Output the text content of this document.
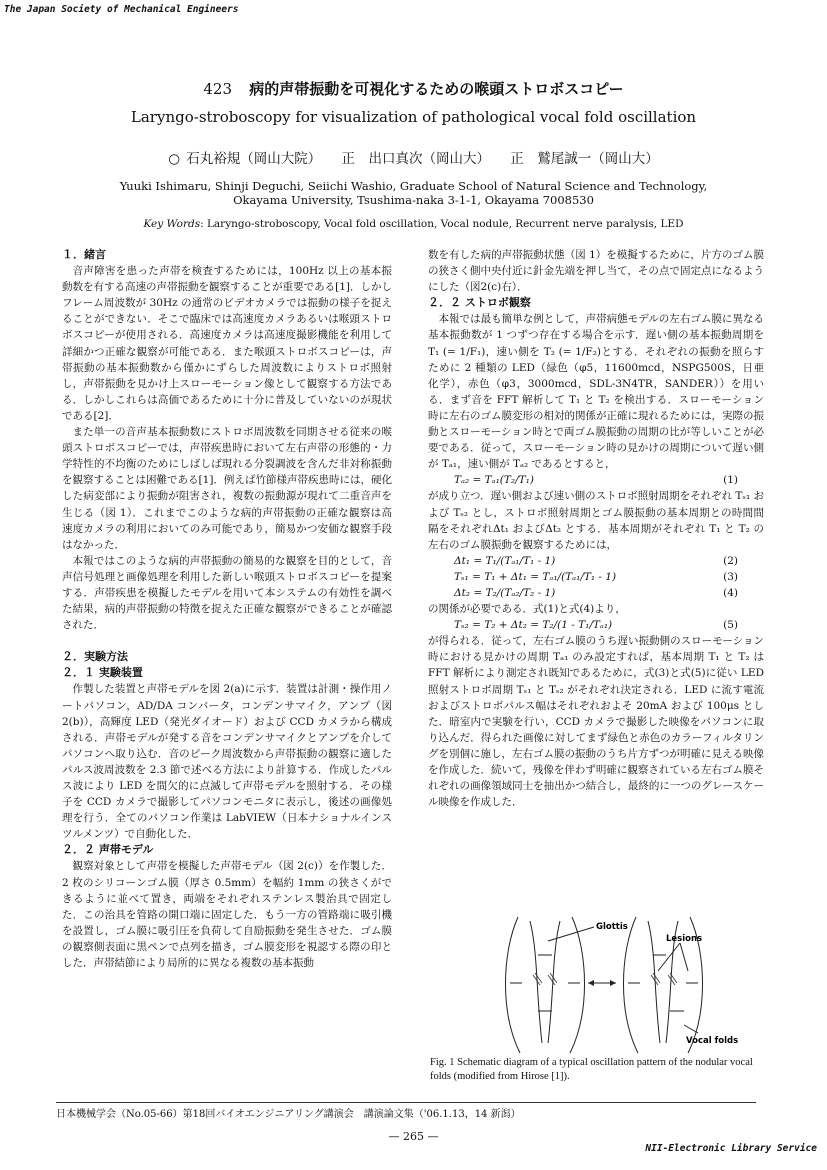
The Japan Society of Mechanical Engineers
423 病的声帯振動を可視化するための喉頭ストロボスコピー
Laryngo-stroboscopy for visualization of pathological vocal fold oscillation
○ 石丸裕規（岡山大院）　　正　出口真次（岡山大）　　正　鷲尾誠一（岡山大）
Yuuki Ishimaru, Shinji Deguchi, Seiichi Washio, Graduate School of Natural Science and Technology,
Okayama University, Tsushima-naka 3-1-1, Okayama 7008530
Key Words: Laryngo-stroboscopy, Vocal fold oscillation, Vocal nodule, Recurrent nerve paralysis, LED
１．緒言

音声障害を患った声帯を検査するためには，100Hz 以上の基本振動数を有する高速の声帯振動を観察することが重要である[1]．しかしフレーム周波数が 30Hz の通常のビデオカメラでは振動の様子を捉えることができない．そこで臨床では高速度カメラあるいは喉頭ストロボスコピーが使用される．高速度カメラは高速度撮影機能を利用して詳細かつ正確な観察が可能である．また喉頭ストロボスコピーは，声帯振動の基本振動数から僅かにずらした周波数によりストロボ照射し，声帯振動を見かけ上スローモーション像として観察する方法である．しかしこれらは高価であるために十分に普及していないのが現状である[2]．

また単一の音声基本振動数にストロボ周波数を同期させる従来の喉頭ストロボスコピーでは，声帯疾患時において左右声帯の形態的・力学特性的不均衡のためにしばしば現れる分裂調波を含んだ非対称振動を観察することは困難である[1]．例えば竹節様声帯疾患時には，硬化した病変部により振動が阻害され，複数の振動源が現れて二重音声を生じる（図 1）．これまでこのような病的声帯振動の正確な観察は高速度カメラの利用においてのみ可能であり，簡易かつ安価な観察手段はなかった．

本報ではこのような病的声帯振動の簡易的な観察を目的として，音声信号処理と画像処理を利用した新しい喉頭ストロボスコピーを提案する．声帯疾患を模擬したモデルを用いて本システムの有効性を調べた結果，病的声帯振動の特徴を捉えた正確な観察ができることが確認された．

２．実験方法
２．１ 実験装置

作製した装置と声帯モデルを図 2(a)に示す．装置は計測・操作用ノートパソコン，AD/DA コンバータ，コンデンサマイク，アンプ（図 2(b)），高輝度 LED（発光ダイオード）および CCD カメラから構成される．声帯モデルが発する音をコンデンサマイクとアンプを介してパソコンへ取り込む．音のピーク周波数から声帯振動の観察に適したパルス波周波数を 2.3 節で述べる方法により計算する．作成したパルス波により LED を間欠的に点滅して声帯モデルを照射する．その様子を CCD カメラで撮影してパソコンモニタに表示し，後述の画像処理を行う．全てのパソコン作業は LabVIEW（日本ナショナルインスツルメンツ）で自動化した．

２．２ 声帯モデル

観察対象として声帯を模擬した声帯モデル（図 2(c)）を作製した．2 枚のシリコーンゴム膜（厚さ 0.5mm）を幅約 1mm の狭さくができるように並べて置き，両端をそれぞれステンレス製治具で固定した．この治具を管路の開口端に固定した．もう一方の管路端に吸引機を設置し，ゴム膜に吸引圧を負荷して自励振動を発生させた．ゴム膜の観察側表面に黒ペンで点列を描き，ゴム膜変形を視認する際の印とした．声帯結節により局所的に異なる複数の基本振動

数を有した病的声帯振動状態（図 1）を模擬するために，片方のゴム膜の狭さく側中央付近に針金先端を押し当て，その点で固定点になるようにした（図2(c)右）．

２．２ ストロボ観察

本報では最も簡単な例として，声帯病態モデルの左右ゴム膜に異なる基本振動数が 1 つずつ存在する場合を示す．遅い側の基本振動周期を T₁ (= 1/F₁)，速い側を T₂ (= 1/F₂)とする．それぞれの振動を照らすために 2 種類の LED（緑色（φ5，11600mcd，NSPG500S，日亜化学），赤色（φ3，3000mcd，SDL-3N4TR，SANDER））を用いる．まず音を FFT 解析して T₁ と T₂ を検出する．スローモーション時に左右のゴム膜変形の相対的関係が正確に現れるためには，実際の振動とスローモーション時とで両ゴム膜振動の周期の比が等しいことが必要である．従って，スローモーション時の見かけの周期について遅い側が Tₐ₁，速い側が Tₐ₂ であるとすると，

Tₐ₂ = Tₐ₁(T₂/T₁)	(1)

が成り立つ．遅い側および速い側のストロボ照射周期をそれぞれ Tₛ₁ および Tₛ₂ とし，ストロボ照射周期とゴム膜振動の基本周期との時間間隔をそれぞれΔt₁ およびΔt₂ とする．基本周期がそれぞれ T₁ と T₂ の左右のゴム膜振動を観察するためには，

Δt₁ = T₁/(Tₐ₁/T₁ - 1)	(2)
Tₛ₁ = T₁ + Δt₁ = Tₐ₁/(Tₐ₁/T₁ - 1)	(3)
Δt₂ = T₂/(Tₐ₂/T₂ - 1)	(4)

の関係が必要である．式(1)と式(4)より，

Tₛ₂ = T₂ + Δt₂ = T₂/(1 - T₁/Tₐ₁)	(5)

が得られる．従って，左右ゴム膜のうち遅い振動側のスローモーション時における見かけの周期 Tₐ₁ のみ設定すれば，基本周期 T₁ と T₂ は FFT 解析により測定され既知であるために，式(3)と式(5)に従い LED 照射ストロボ周期 Tₛ₁ と Tₛ₂ がそれぞれ決定される．LED に流す電流およびストロボパルス幅はそれぞれおよそ 20mA および 100μs とした．暗室内で実験を行い，CCD カメラで撮影した映像をパソコンに取り込んだ．得られた画像に対してまず緑色と赤色のカラーフィルタリングを別個に施し，左右ゴム膜の振動のうち片方ずつが明確に見える映像を作成した．続いて，残像を伴わず明確に観察されている左右ゴム膜それぞれの画像領域同士を抽出かつ結合し，最終的に一つのグレースケール映像を作成した．

Glottis
Lesions
Vocal folds
Fig. 1 Schematic diagram of a typical oscillation pattern of the nodular vocal folds (modified from Hirose [1]).
日本機械学会（No.05-66）第18回バイオエンジニアリング講演会　講演論文集（'06.1.13，14 新潟）
— 265 —
NII-Electronic Library Service
